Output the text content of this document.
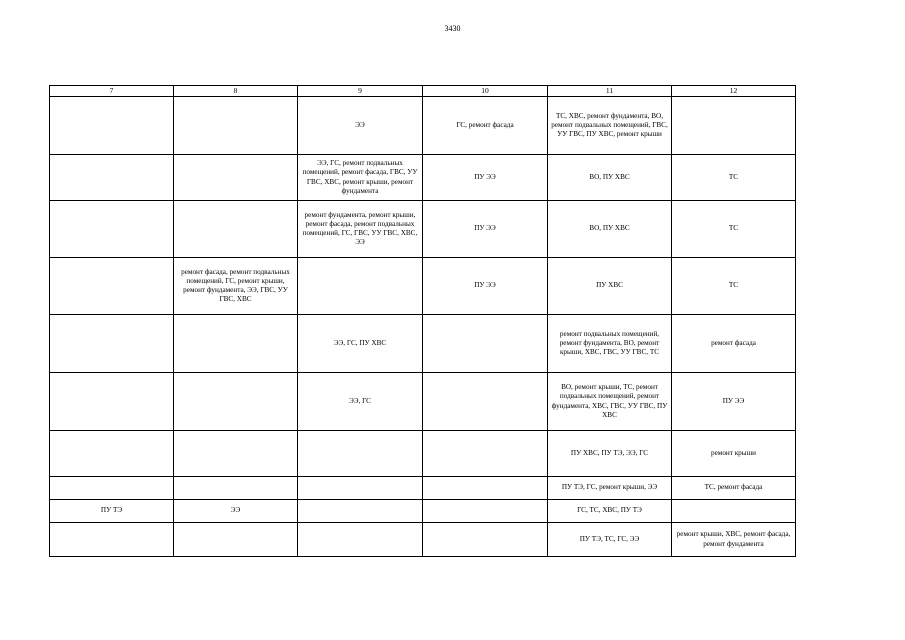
3430
7	8	9	10	11	12
		ЭЭ	ГС, ремонт фасада	ТС, ХВС, ремонт фундамента, ВО, ремонт подвальных помещений, ГВС, УУ ГВС, ПУ ХВС, ремонт крыши	
		ЭЭ, ГС, ремонт подвальных помещений, ремонт фасада, ГВС, УУ ГВС, ХВС, ремонт крыши, ремонт фундамента	ПУ ЭЭ	ВО, ПУ ХВС	ТС
		ремонт фундамента, ремонт крыши, ремонт фасада, ремонт подвальных помещений, ГС, ГВС, УУ ГВС, ХВС, ЭЭ	ПУ ЭЭ	ВО, ПУ ХВС	ТС
	ремонт фасада, ремонт подвальных помещений, ГС, ремонт крыши, ремонт фундамента, ЭЭ, ГВС, УУ ГВС, ХВС		ПУ ЭЭ	ПУ ХВС	ТС
		ЭЭ, ГС, ПУ ХВС		ремонт подвальных помещений, ремонт фундамента, ВО, ремонт крыши, ХВС, ГВС, УУ ГВС, ТС	ремонт фасада
		ЭЭ, ГС		ВО, ремонт крыши, ТС, ремонт подвальных помещений, ремонт фундамента, ХВС, ГВС, УУ ГВС, ПУ ХВС	ПУ ЭЭ
				ПУ ХВС, ПУ ТЭ, ЭЭ, ГС	ремонт крыши
				ПУ ТЭ, ГС, ремонт крыши, ЭЭ	ТС, ремонт фасада
ПУ ТЭ	ЭЭ			ГС, ТС, ХВС, ПУ ТЭ	
				ПУ ТЭ, ТС, ГС, ЭЭ	ремонт крыши, ХВС, ремонт фасада, ремонт фундамента
